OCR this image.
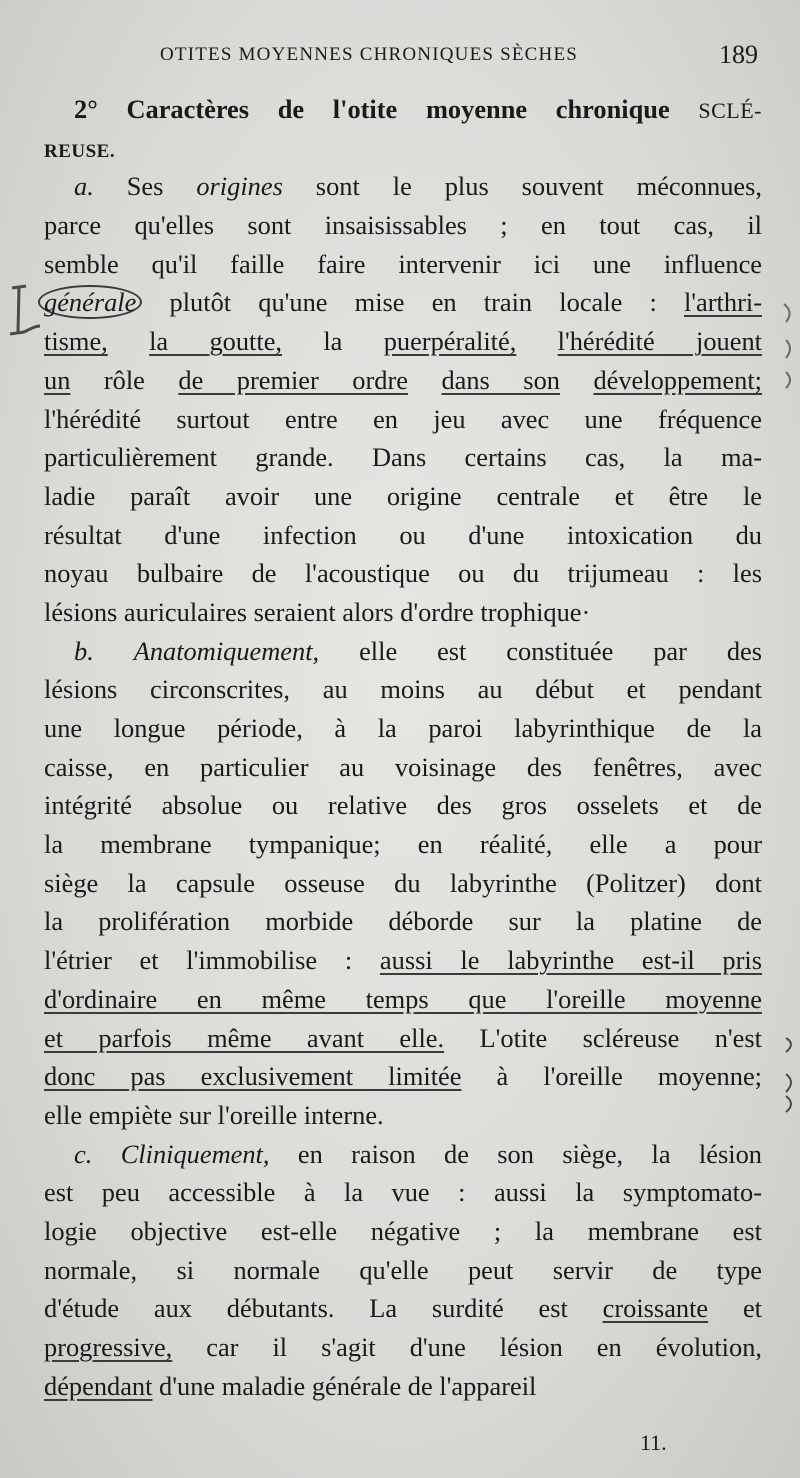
OTITES MOYENNES CHRONIQUES SÈCHES	189
2° Caractères de l'otite moyenne chronique SCLÉ-
REUSE.
a. Ses origines sont le plus souvent méconnues,
parce qu'elles sont insaisissables ; en tout cas, il
semble qu'il faille faire intervenir ici une influence
générale plutôt qu'une mise en train locale : l'arthri-
tisme, la goutte, la puerpéralité, l'hérédité jouent
un rôle de premier ordre dans son développement;
l'hérédité surtout entre en jeu avec une fréquence
particulièrement grande. Dans certains cas, la ma-
ladie paraît avoir une origine centrale et être le
résultat d'une infection ou d'une intoxication du
noyau bulbaire de l'acoustique ou du trijumeau : les
lésions auriculaires seraient alors d'ordre trophique·
b. Anatomiquement, elle est constituée par des
lésions circonscrites, au moins au début et pendant
une longue période, à la paroi labyrinthique de la
caisse, en particulier au voisinage des fenêtres, avec
intégrité absolue ou relative des gros osselets et de
la membrane tympanique; en réalité, elle a pour
siège la capsule osseuse du labyrinthe (Politzer) dont
la prolifération morbide déborde sur la platine de
l'étrier et l'immobilise : aussi le labyrinthe est-il pris
d'ordinaire en même temps que l'oreille moyenne
et parfois même avant elle. L'otite scléreuse n'est
donc pas exclusivement limitée à l'oreille moyenne;
elle empiète sur l'oreille interne.
c. Cliniquement, en raison de son siège, la lésion
est peu accessible à la vue : aussi la symptomato-
logie objective est-elle négative ; la membrane est
normale, si normale qu'elle peut servir de type
d'étude aux débutants. La surdité est croissante et
progressive, car il s'agit d'une lésion en évolution,
dépendant d'une maladie générale de l'appareil
11.
